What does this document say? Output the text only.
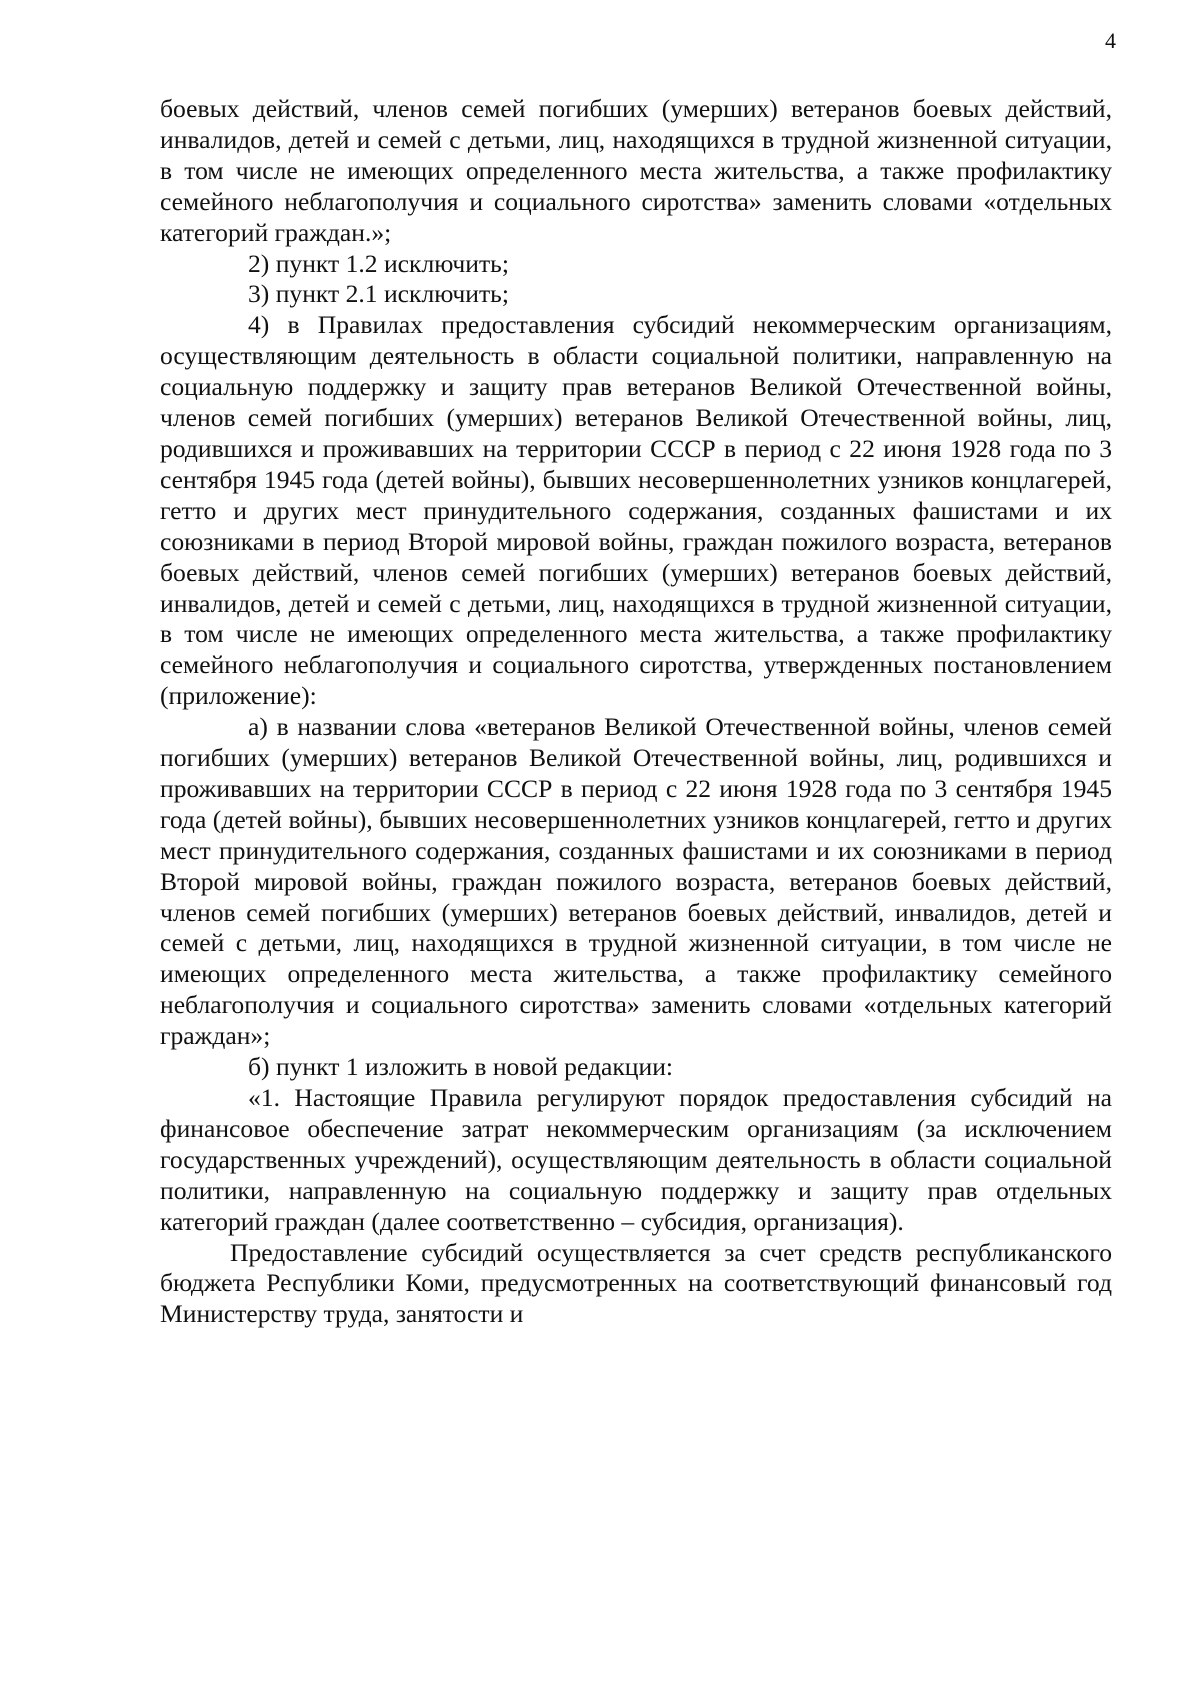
4

боевых действий, членов семей погибших (умерших) ветеранов боевых действий, инвалидов, детей и семей с детьми, лиц, находящихся в трудной жизненной ситуации, в том числе не имеющих определенного места жительства, а также профилактику семейного неблагополучия и социального сиротства» заменить словами «отдельных категорий граждан.»;

2) пункт 1.2 исключить;

3) пункт 2.1 исключить;

4) в Правилах предоставления субсидий некоммерческим организациям, осуществляющим деятельность в области социальной политики, направленную на социальную поддержку и защиту прав ветеранов Великой Отечественной войны, членов семей погибших (умерших) ветеранов Великой Отечественной войны, лиц, родившихся и проживавших на территории СССР в период с 22 июня 1928 года по 3 сентября 1945 года (детей войны), бывших несовершеннолетних узников концлагерей, гетто и других мест принудительного содержания, созданных фашистами и их союзниками в период Второй мировой войны, граждан пожилого возраста, ветеранов боевых действий, членов семей погибших (умерших) ветеранов боевых действий, инвалидов, детей и семей с детьми, лиц, находящихся в трудной жизненной ситуации, в том числе не имеющих определенного места жительства, а также профилактику семейного неблагополучия и социального сиротства, утвержденных постановлением (приложение):

а) в названии слова «ветеранов Великой Отечественной войны, членов семей погибших (умерших) ветеранов Великой Отечественной войны, лиц, родившихся и проживавших на территории СССР в период с 22 июня 1928 года по 3 сентября 1945 года (детей войны), бывших несовершеннолетних узников концлагерей, гетто и других мест принудительного содержания, созданных фашистами и их союзниками в период Второй мировой войны, граждан пожилого возраста, ветеранов боевых действий, членов семей погибших (умерших) ветеранов боевых действий, инвалидов, детей и семей с детьми, лиц, находящихся в трудной жизненной ситуации, в том числе не имеющих определенного места жительства, а также профилактику семейного неблагополучия и социального сиротства» заменить словами «отдельных категорий граждан»;

б) пункт 1 изложить в новой редакции:

«1. Настоящие Правила регулируют порядок предоставления субсидий на финансовое обеспечение затрат некоммерческим организациям (за исключением государственных учреждений), осуществляющим деятельность в области социальной политики, направленную на социальную поддержку и защиту прав отдельных категорий граждан (далее соответственно – субсидия, организация).

Предоставление субсидий осуществляется за счет средств республиканского бюджета Республики Коми, предусмотренных на соответствующий финансовый год Министерству труда, занятости и
